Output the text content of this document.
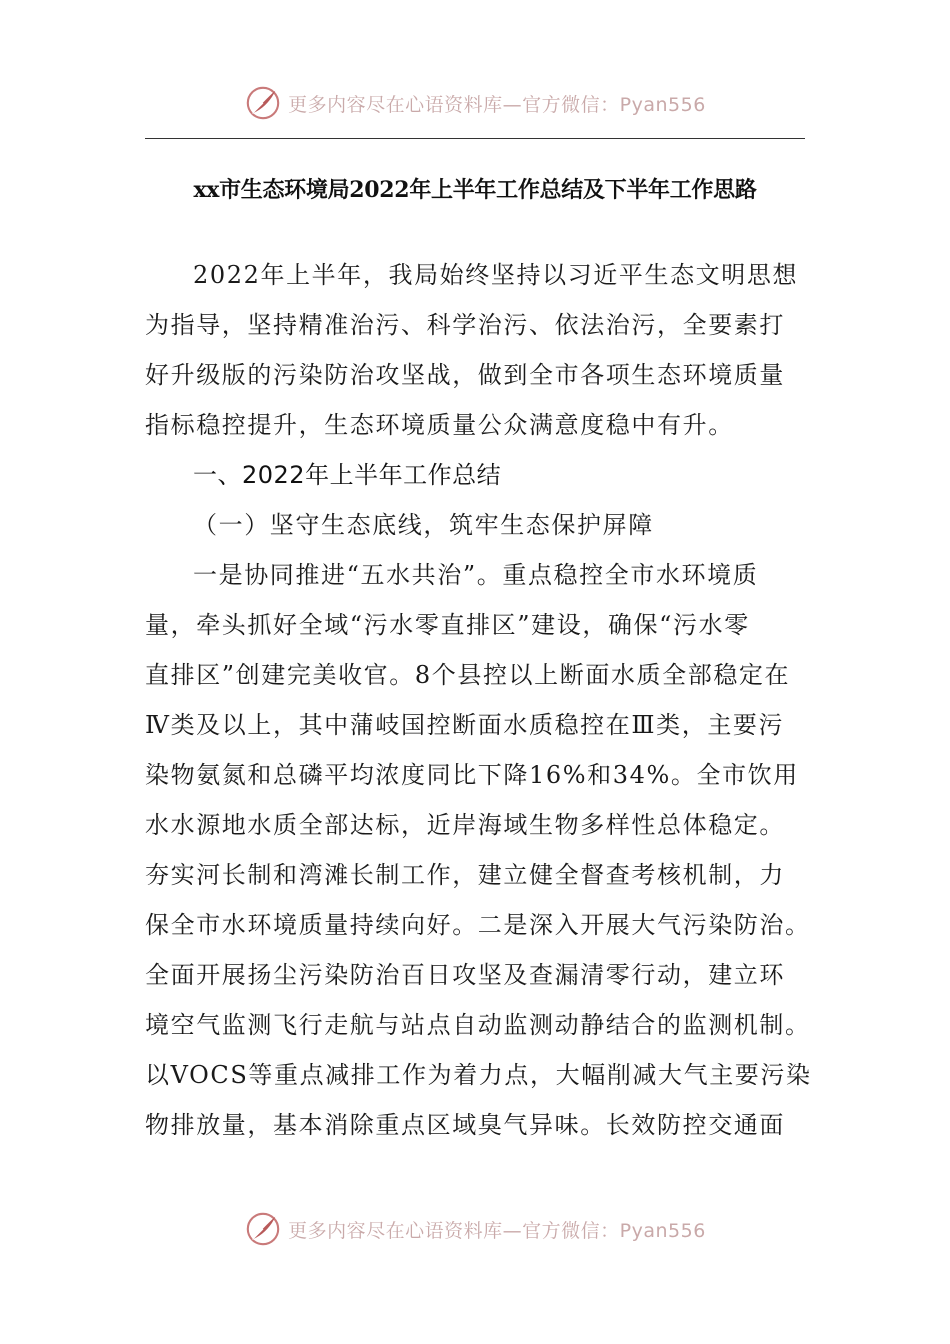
更多内容尽在心语资料库—官方微信：Pyan556
xx市生态环境局2022年上半年工作总结及下半年工作思路
2022年上半年，我局始终坚持以习近平生态文明思想
为指导，坚持精准治污、科学治污、依法治污，全要素打
好升级版的污染防治攻坚战，做到全市各项生态环境质量
指标稳控提升，生态环境质量公众满意度稳中有升。
一、2022年上半年工作总结
（一）坚守生态底线，筑牢生态保护屏障
一是协同推进“五水共治”。重点稳控全市水环境质
量，牵头抓好全域“污水零直排区”建设，确保“污水零
直排区”创建完美收官。8个县控以上断面水质全部稳定在
Ⅳ类及以上，其中蒲岐国控断面水质稳控在Ⅲ类，主要污
染物氨氮和总磷平均浓度同比下降16%和34%。全市饮用
水水源地水质全部达标，近岸海域生物多样性总体稳定。
夯实河长制和湾滩长制工作，建立健全督查考核机制，力
保全市水环境质量持续向好。二是深入开展大气污染防治。
全面开展扬尘污染防治百日攻坚及查漏清零行动，建立环
境空气监测飞行走航与站点自动监测动静结合的监测机制。
以VOCS等重点减排工作为着力点，大幅削减大气主要污染
物排放量，基本消除重点区域臭气异味。长效防控交通面
更多内容尽在心语资料库—官方微信：Pyan556
